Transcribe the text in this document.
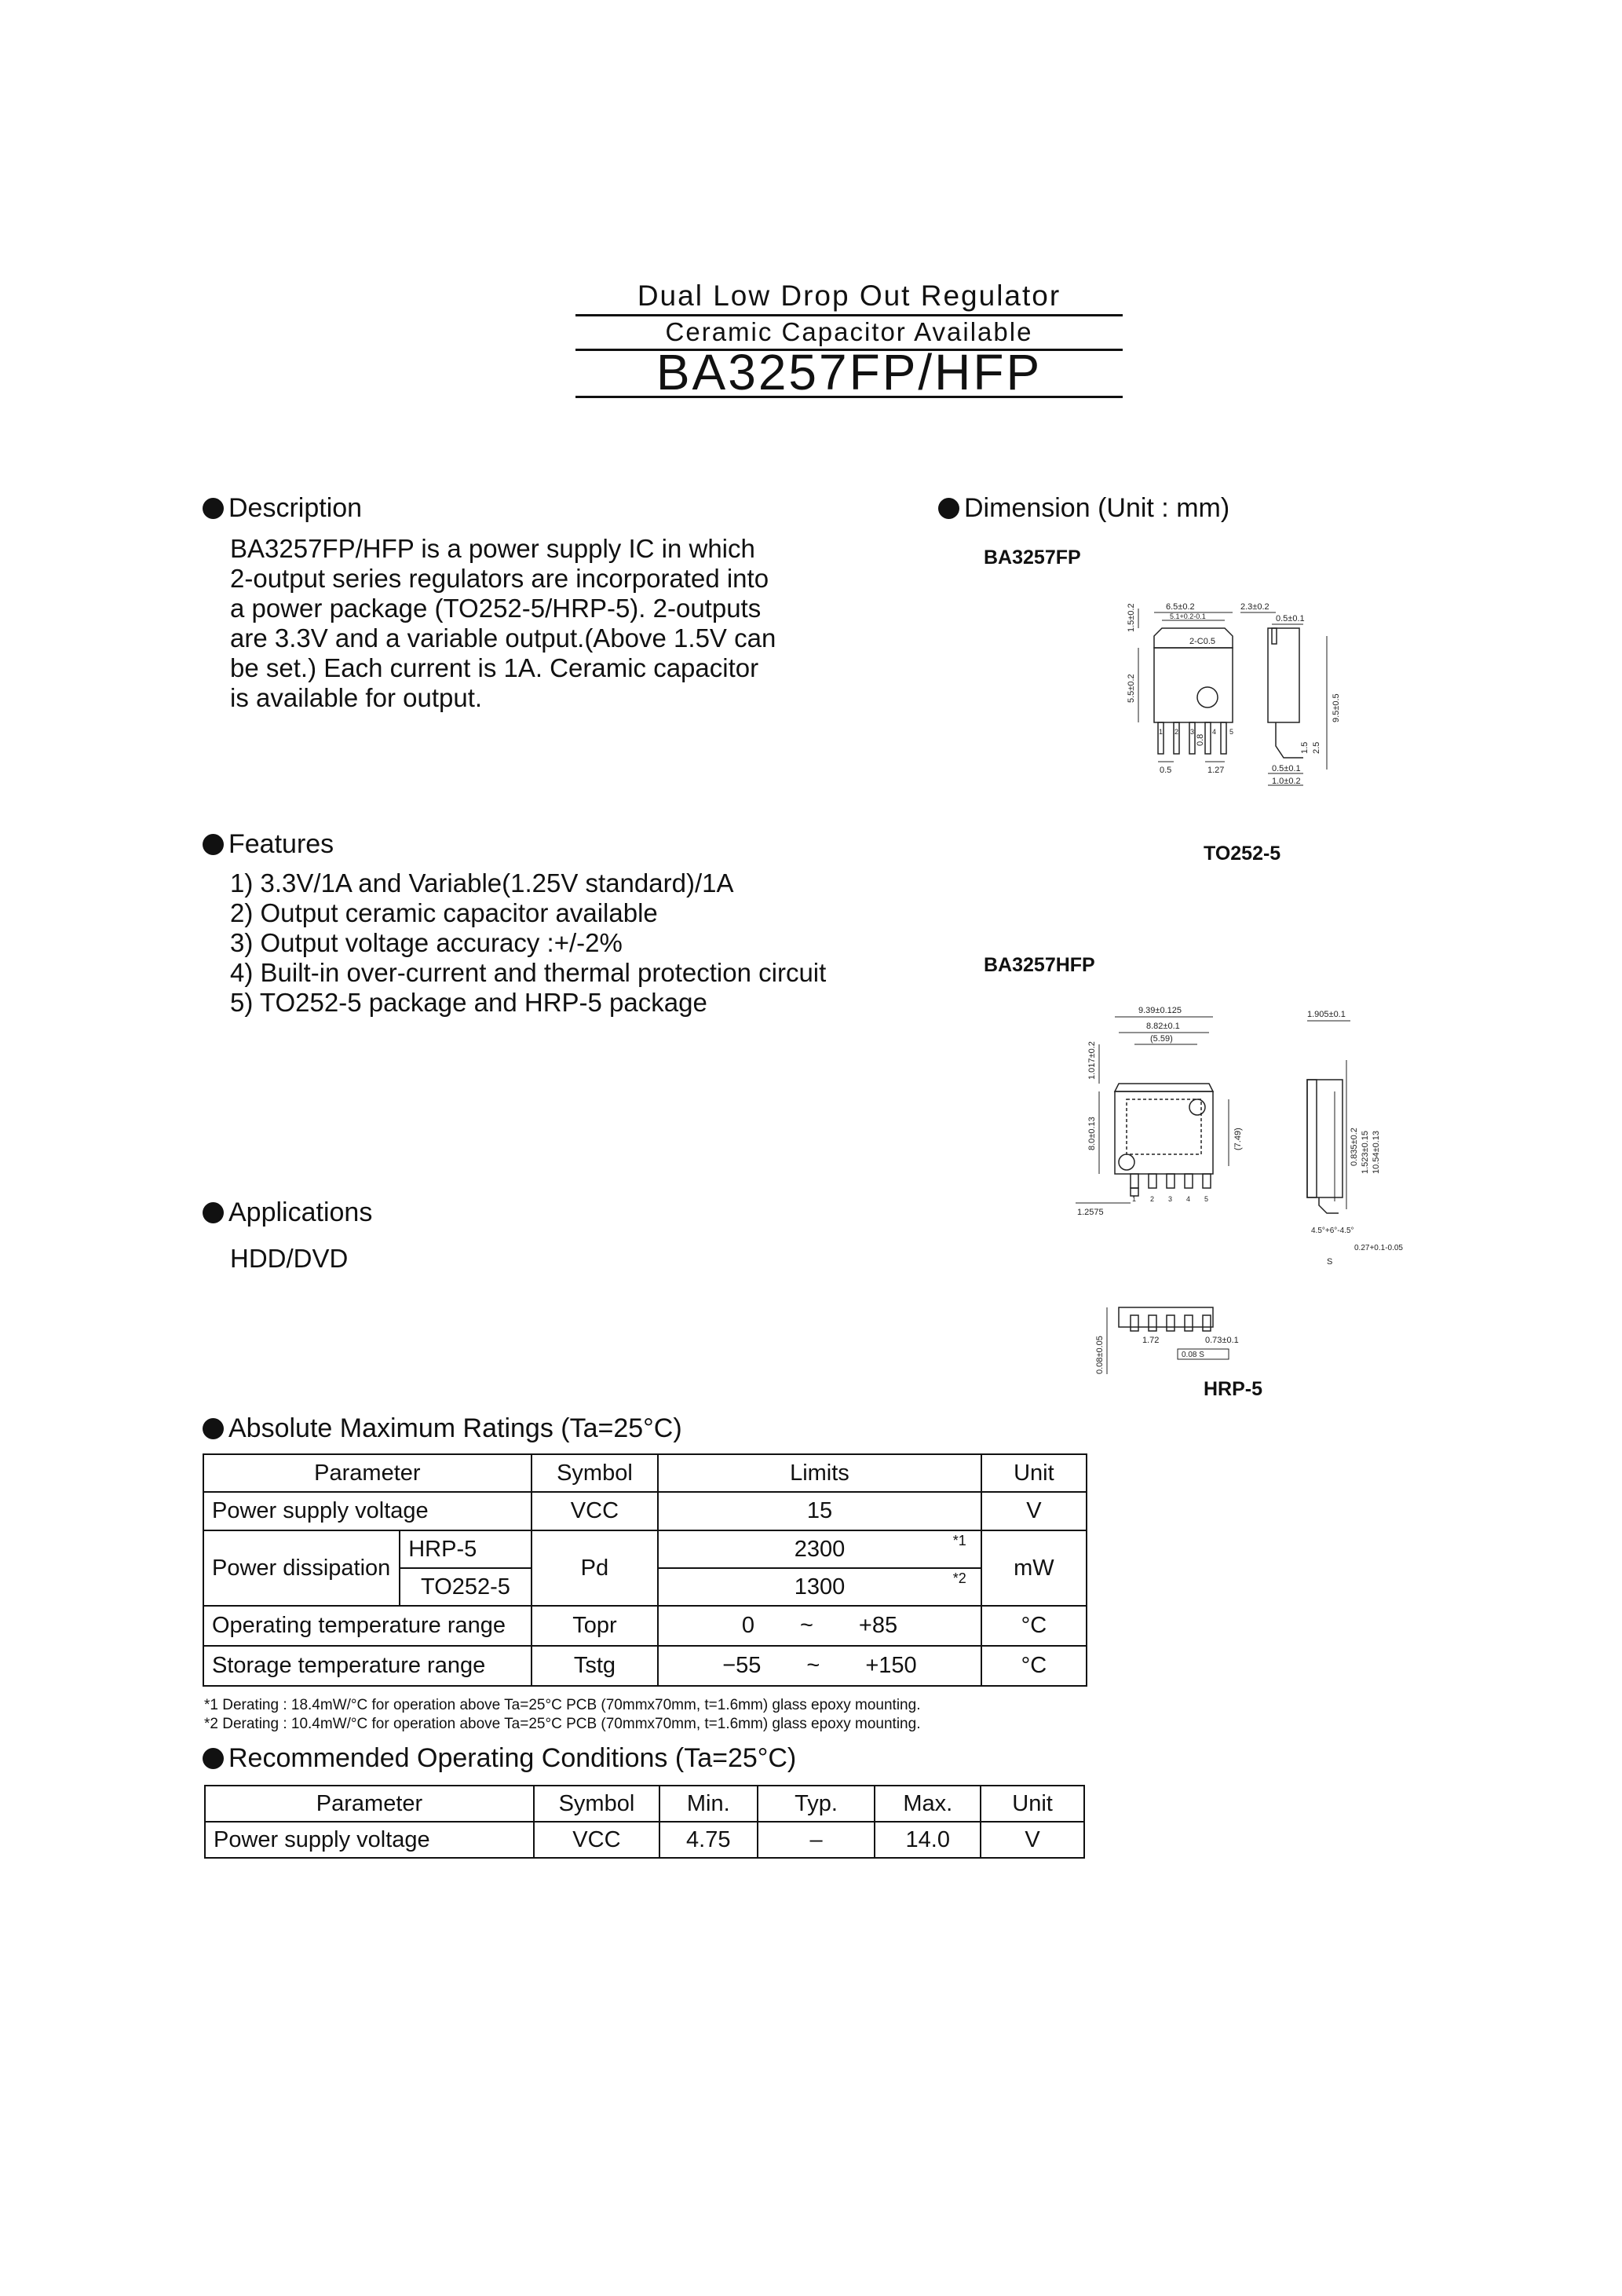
Dual Low Drop Out Regulator
Ceramic Capacitor Available
BA3257FP/HFP
Description

BA3257FP/HFP is a power supply IC in which

2-output series regulators are incorporated into

a power package (TO252-5/HRP-5). 2-outputs

are 3.3V and a variable output.(Above 1.5V can

be set.) Each current is 1A. Ceramic capacitor

is available for output.

Features
1) 3.3V/1A and Variable(1.25V standard)/1A
2) Output ceramic capacitor available
3) Output voltage accuracy :+/-2%
4) Built-in over-current and thermal protection circuit
5) TO252-5 package and HRP-5 package
Applications

HDD/DVD

Dimension (Unit : mm)

BA3257FP

TO252-5

BA3257HFP

HRP-5

6.5±0.2
5.1+0.2-0.1
2.3±0.2
0.5±0.1
2-C0.5
1.5±0.2
5.5±0.2
9.5±0.5
0.8
1.5 2.5
0.5	1.27	0.5±0.1
1.0±0.2
1 2 3	4 5
9.39±0.125
8.82±0.1
(5.59)
1.017±0.2
8.0±0.13	(7.49)
1.2575
1.905±0.1
0.835±0.2 1.523±0.15 10.54±0.13
4.5°+6°-4.5°
0.27+0.1-0.05
S
0.08±0.05	1.72	0.73±0.1
0.08 S
1 2 3 4 5
Absolute Maximum Ratings (Ta=25°C)
Parameter		Symbol	Limits	Unit
Power supply voltage		VCC	15	V
Power dissipation	HRP-5	Pd	2300 *1	mW
	TO252-5		1300 *2	

Operating temperature range		Topr	0 ~ +85	°C
Storage temperature range		Tstg	−55 ~ +150	°C

*1 Derating : 18.4mW/°C for operation above Ta=25°C PCB (70mmx70mm, t=1.6mm) glass epoxy mounting.

*2 Derating : 10.4mW/°C for operation above Ta=25°C PCB (70mmx70mm, t=1.6mm) glass epoxy mounting.

Recommended Operating Conditions (Ta=25°C)
Parameter	Symbol	Min.	Typ.	Max.	Unit
Power supply voltage	VCC	4.75	–	14.0	V
